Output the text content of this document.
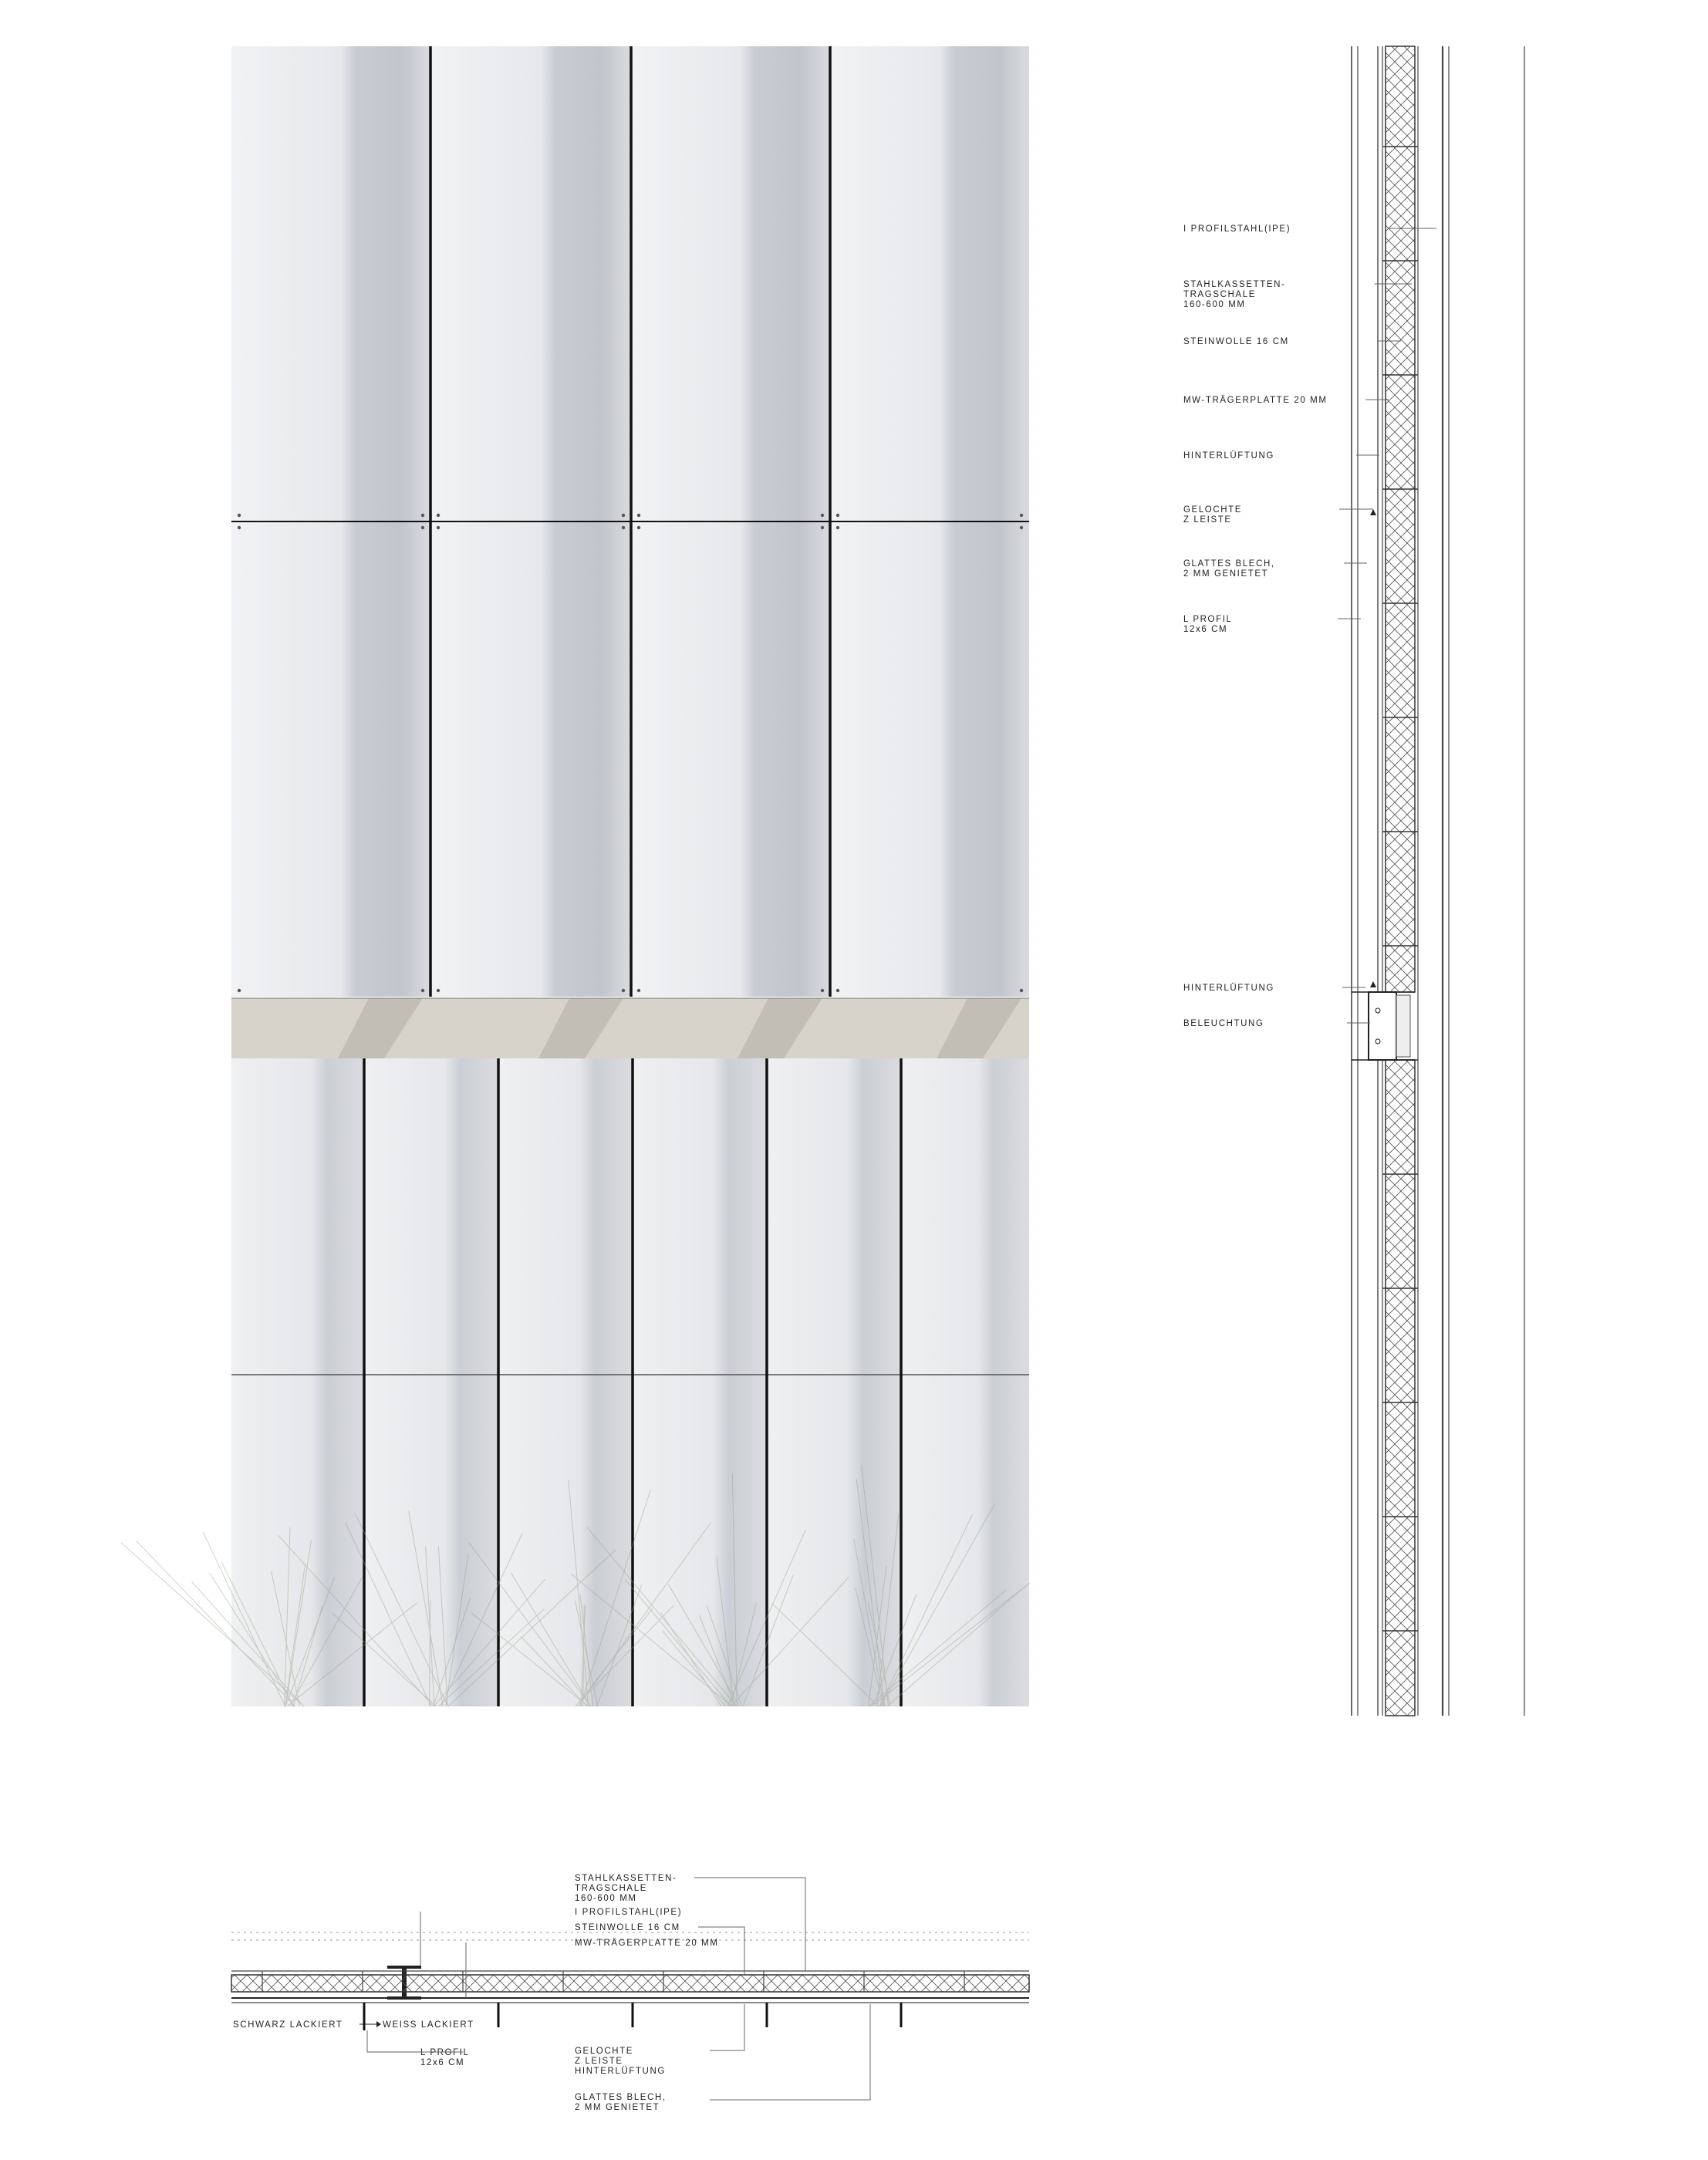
I PROFILSTAHL(IPE)
STAHLKASSETTEN-TRAGSCHALE 160-600 MM
STEINWOLLE 16 CM
MW-TRÄGERPLATTE 20 MM
HINTERLÜFTUNG
GELOCHTE Z LEISTE
GLATTES BLECH, 2 MM GENIETET
L PROFIL 12x6 CM
HINTERLÜFTUNG
BELEUCHTUNG
STAHLKASSETTEN-TRAGSCHALE 160-600 MM
I PROFILSTAHL(IPE)
STEINWOLLE 16 CM
MW-TRÄGERPLATTE 20 MM
SCHWARZ LACKIERT	WEISS LACKIERT
L PROFIL 12x6 CM
GELOCHTE Z LEISTE HINTERLÜFTUNG
GLATTES BLECH, 2 MM GENIETET
